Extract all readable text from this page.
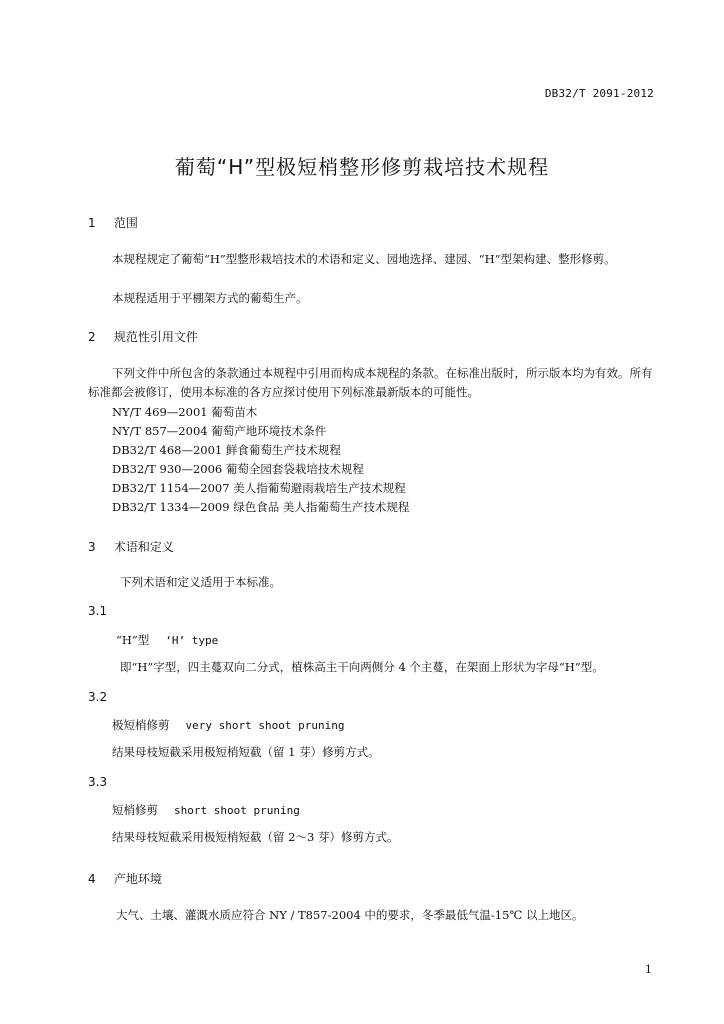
DB32/T 2091-2012
葡萄“H”型极短梢整形修剪栽培技术规程
1 范围
本规程规定了葡萄“H”型整形栽培技术的术语和定义、园地选择、建园、“H”型架构建、整形修剪。
本规程适用于平棚架方式的葡萄生产。
2 规范性引用文件
下列文件中所包含的条款通过本规程中引用而构成本规程的条款。在标准出版时，所示版本均为有效。所有标准都会被修订，使用本标准的各方应探讨使用下列标准最新版本的可能性。
NY/T 469—2001 葡萄苗木
NY/T 857—2004 葡萄产地环境技术条件
DB32/T 468—2001 鲜食葡萄生产技术规程
DB32/T 930—2006 葡萄全园套袋栽培技术规程
DB32/T 1154—2007 美人指葡萄避雨栽培生产技术规程
DB32/T 1334—2009 绿色食品 美人指葡萄生产技术规程
3 术语和定义
下列术语和定义适用于本标准。
3.1
“H”型 ‘H’ type
即“H”字型，四主蔓双向二分式，植株高主干向两侧分 4 个主蔓，在架面上形状为字母“H”型。
3.2
极短梢修剪 very short shoot pruning
结果母枝短截采用极短梢短截（留 1 芽）修剪方式。
3.3
短梢修剪 short shoot pruning
结果母枝短截采用极短梢短截（留 2～3 芽）修剪方式。
4 产地环境
大气、土壤、灌溉水质应符合 NY / T857-2004 中的要求，冬季最低气温-15℃ 以上地区。
1
